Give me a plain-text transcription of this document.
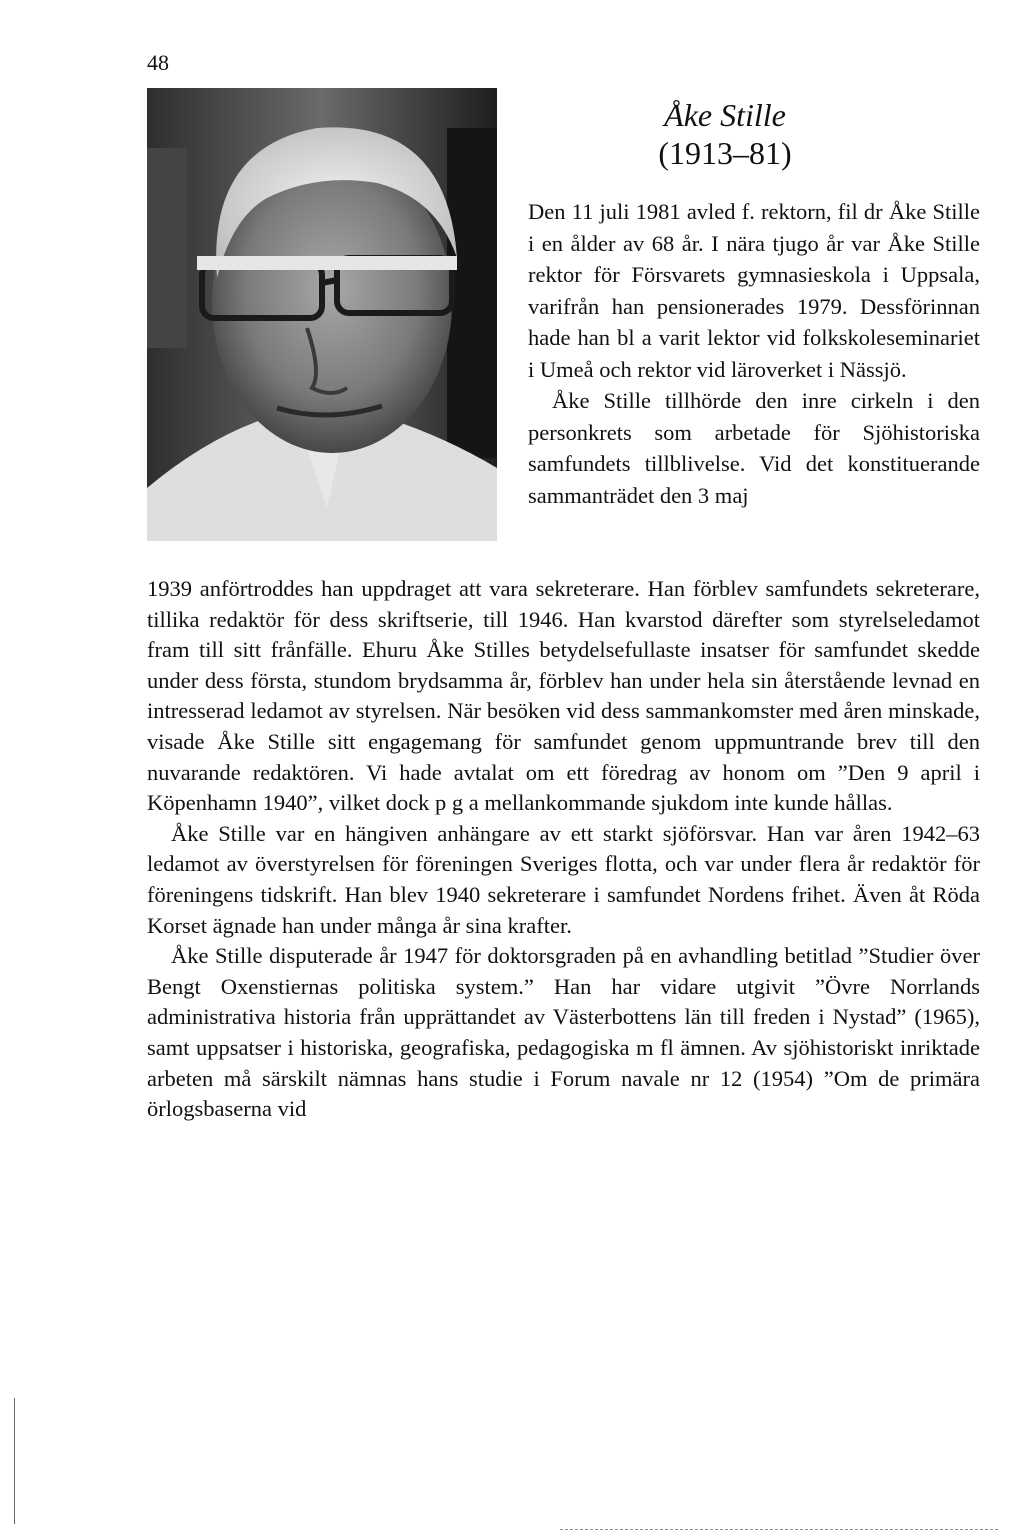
48
Åke Stille
(1913–81)

Den 11 juli 1981 avled f. rektorn, fil dr Åke Stille i en ålder av 68 år. I nära tjugo år var Åke Stille rektor för Försvarets gymnasieskola i Uppsala, varifrån han pensionerades 1979. Dessförinnan hade han bl a varit lektor vid folkskoleseminariet i Umeå och rektor vid läroverket i Nässjö.

Åke Stille tillhörde den inre cirkeln i den personkrets som arbetade för Sjöhistoriska samfundets tillblivelse. Vid det konstituerande sammanträdet den 3 maj

1939 anförtroddes han uppdraget att vara sekreterare. Han förblev samfundets sekreterare, tillika redaktör för dess skriftserie, till 1946. Han kvarstod därefter som styrelseledamot fram till sitt frånfälle. Ehuru Åke Stilles betydelsefullaste insatser för samfundet skedde under dess första, stundom brydsamma år, förblev han under hela sin återstående levnad en intresserad ledamot av styrelsen. När besöken vid dess sammankomster med åren minskade, visade Åke Stille sitt engagemang för samfundet genom uppmuntrande brev till den nuvarande redaktören. Vi hade avtalat om ett föredrag av honom om ”Den 9 april i Köpenhamn 1940”, vilket dock p g a mellankommande sjukdom inte kunde hållas.

Åke Stille var en hängiven anhängare av ett starkt sjöförsvar. Han var åren 1942–63 ledamot av överstyrelsen för föreningen Sveriges flotta, och var under flera år redaktör för föreningens tidskrift. Han blev 1940 sekreterare i samfundet Nordens frihet. Även åt Röda Korset ägnade han under många år sina krafter.

Åke Stille disputerade år 1947 för doktorsgraden på en avhandling betitlad ”Studier över Bengt Oxenstiernas politiska system.” Han har vidare utgivit ”Övre Norrlands administrativa historia från upprättandet av Västerbottens län till freden i Nystad” (1965), samt uppsatser i historiska, geografiska, pedagogiska m fl ämnen. Av sjöhistoriskt inriktade arbeten må särskilt nämnas hans studie i Forum navale nr 12 (1954) ”Om de primära örlogsbaserna vid
